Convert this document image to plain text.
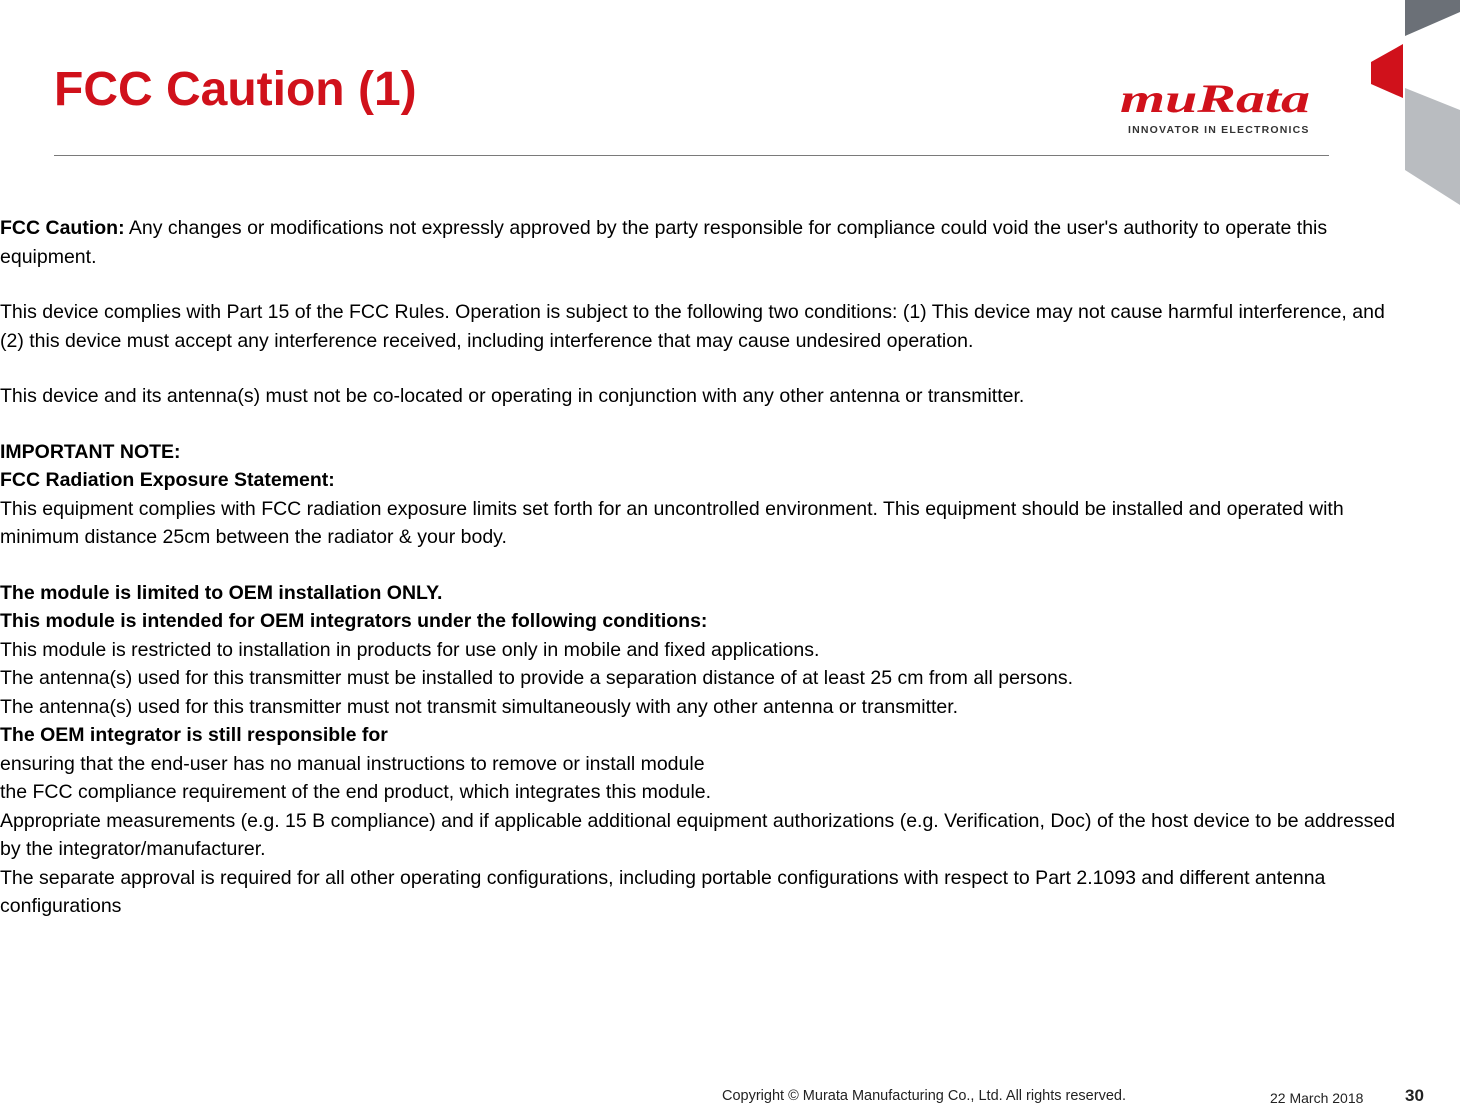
FCC Caution (1)	muRata
INNOVATOR IN ELECTRONICS

FCC Caution: Any changes or modifications not expressly approved by the party responsible for compliance could void the user's authority to operate this equipment.

This device complies with Part 15 of the FCC Rules. Operation is subject to the following two conditions: (1) This device may not cause harmful interference, and (2) this device must accept any interference received, including interference that may cause undesired operation.

This device and its antenna(s) must not be co-located or operating in conjunction with any other antenna or transmitter.

IMPORTANT NOTE:

FCC Radiation Exposure Statement:

This equipment complies with FCC radiation exposure limits set forth for an uncontrolled environment. This equipment should be installed and operated with minimum distance 25cm between the radiator & your body.

The module is limited to OEM installation ONLY.

This module is intended for OEM integrators under the following conditions:

This module is restricted to installation in products for use only in mobile and fixed applications.

The antenna(s) used for this transmitter must be installed to provide a separation distance of at least 25 cm from all persons.

The antenna(s) used for this transmitter must not transmit simultaneously with any other antenna or transmitter.

The OEM integrator is still responsible for

ensuring that the end-user has no manual instructions to remove or install module

the FCC compliance requirement of the end product, which integrates this module.

Appropriate measurements (e.g. 15 B compliance) and if applicable additional equipment authorizations (e.g. Verification, Doc) of the host device to be addressed by the integrator/manufacturer.

The separate approval is required for all other operating configurations, including portable configurations with respect to Part 2.1093 and different antenna configurations

Copyright © Murata Manufacturing Co., Ltd. All rights reserved.	22 March 2018 30
